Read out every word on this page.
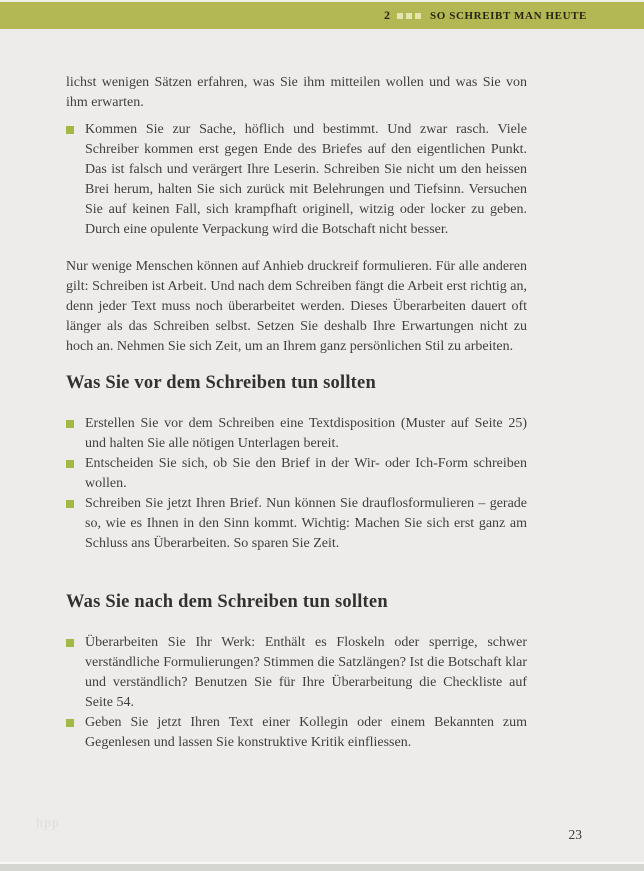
2	SO SCHREIBT MAN HEUTE

lichst wenigen Sätzen erfahren, was Sie ihm mitteilen wollen und was Sie von ihm erwarten.

Kommen Sie zur Sache, höflich und bestimmt. Und zwar rasch. Viele Schreiber kommen erst gegen Ende des Briefes auf den eigentlichen Punkt. Das ist falsch und verärgert Ihre Leserin. Schreiben Sie nicht um den heissen Brei herum, halten Sie sich zurück mit Belehrungen und Tiefsinn. Versuchen Sie auf keinen Fall, sich krampfhaft originell, witzig oder locker zu geben. Durch eine opulente Verpackung wird die Botschaft nicht besser.

Nur wenige Menschen können auf Anhieb druckreif formulieren. Für alle anderen gilt: Schreiben ist Arbeit. Und nach dem Schreiben fängt die Arbeit erst richtig an, denn jeder Text muss noch überarbeitet werden. Dieses Überarbeiten dauert oft länger als das Schreiben selbst. Setzen Sie deshalb Ihre Erwartungen nicht zu hoch an. Nehmen Sie sich Zeit, um an Ihrem ganz persönlichen Stil zu arbeiten.

Was Sie vor dem Schreiben tun sollten
Erstellen Sie vor dem Schreiben eine Textdisposition (Muster auf Seite 25) und halten Sie alle nötigen Unterlagen bereit.
Entscheiden Sie sich, ob Sie den Brief in der Wir- oder Ich-Form schreiben wollen.
Schreiben Sie jetzt Ihren Brief. Nun können Sie drauflosformulieren – gerade so, wie es Ihnen in den Sinn kommt. Wichtig: Machen Sie sich erst ganz am Schluss ans Überarbeiten. So sparen Sie Zeit.
Was Sie nach dem Schreiben tun sollten
Überarbeiten Sie Ihr Werk: Enthält es Floskeln oder sperrige, schwer verständliche Formulierungen? Stimmen die Satzlängen? Ist die Botschaft klar und verständlich? Benutzen Sie für Ihre Überarbeitung die Checkliste auf Seite 54.
Geben Sie jetzt Ihren Text einer Kollegin oder einem Bekannten zum Gegenlesen und lassen Sie konstruktive Kritik einfliessen.
hpp
23
